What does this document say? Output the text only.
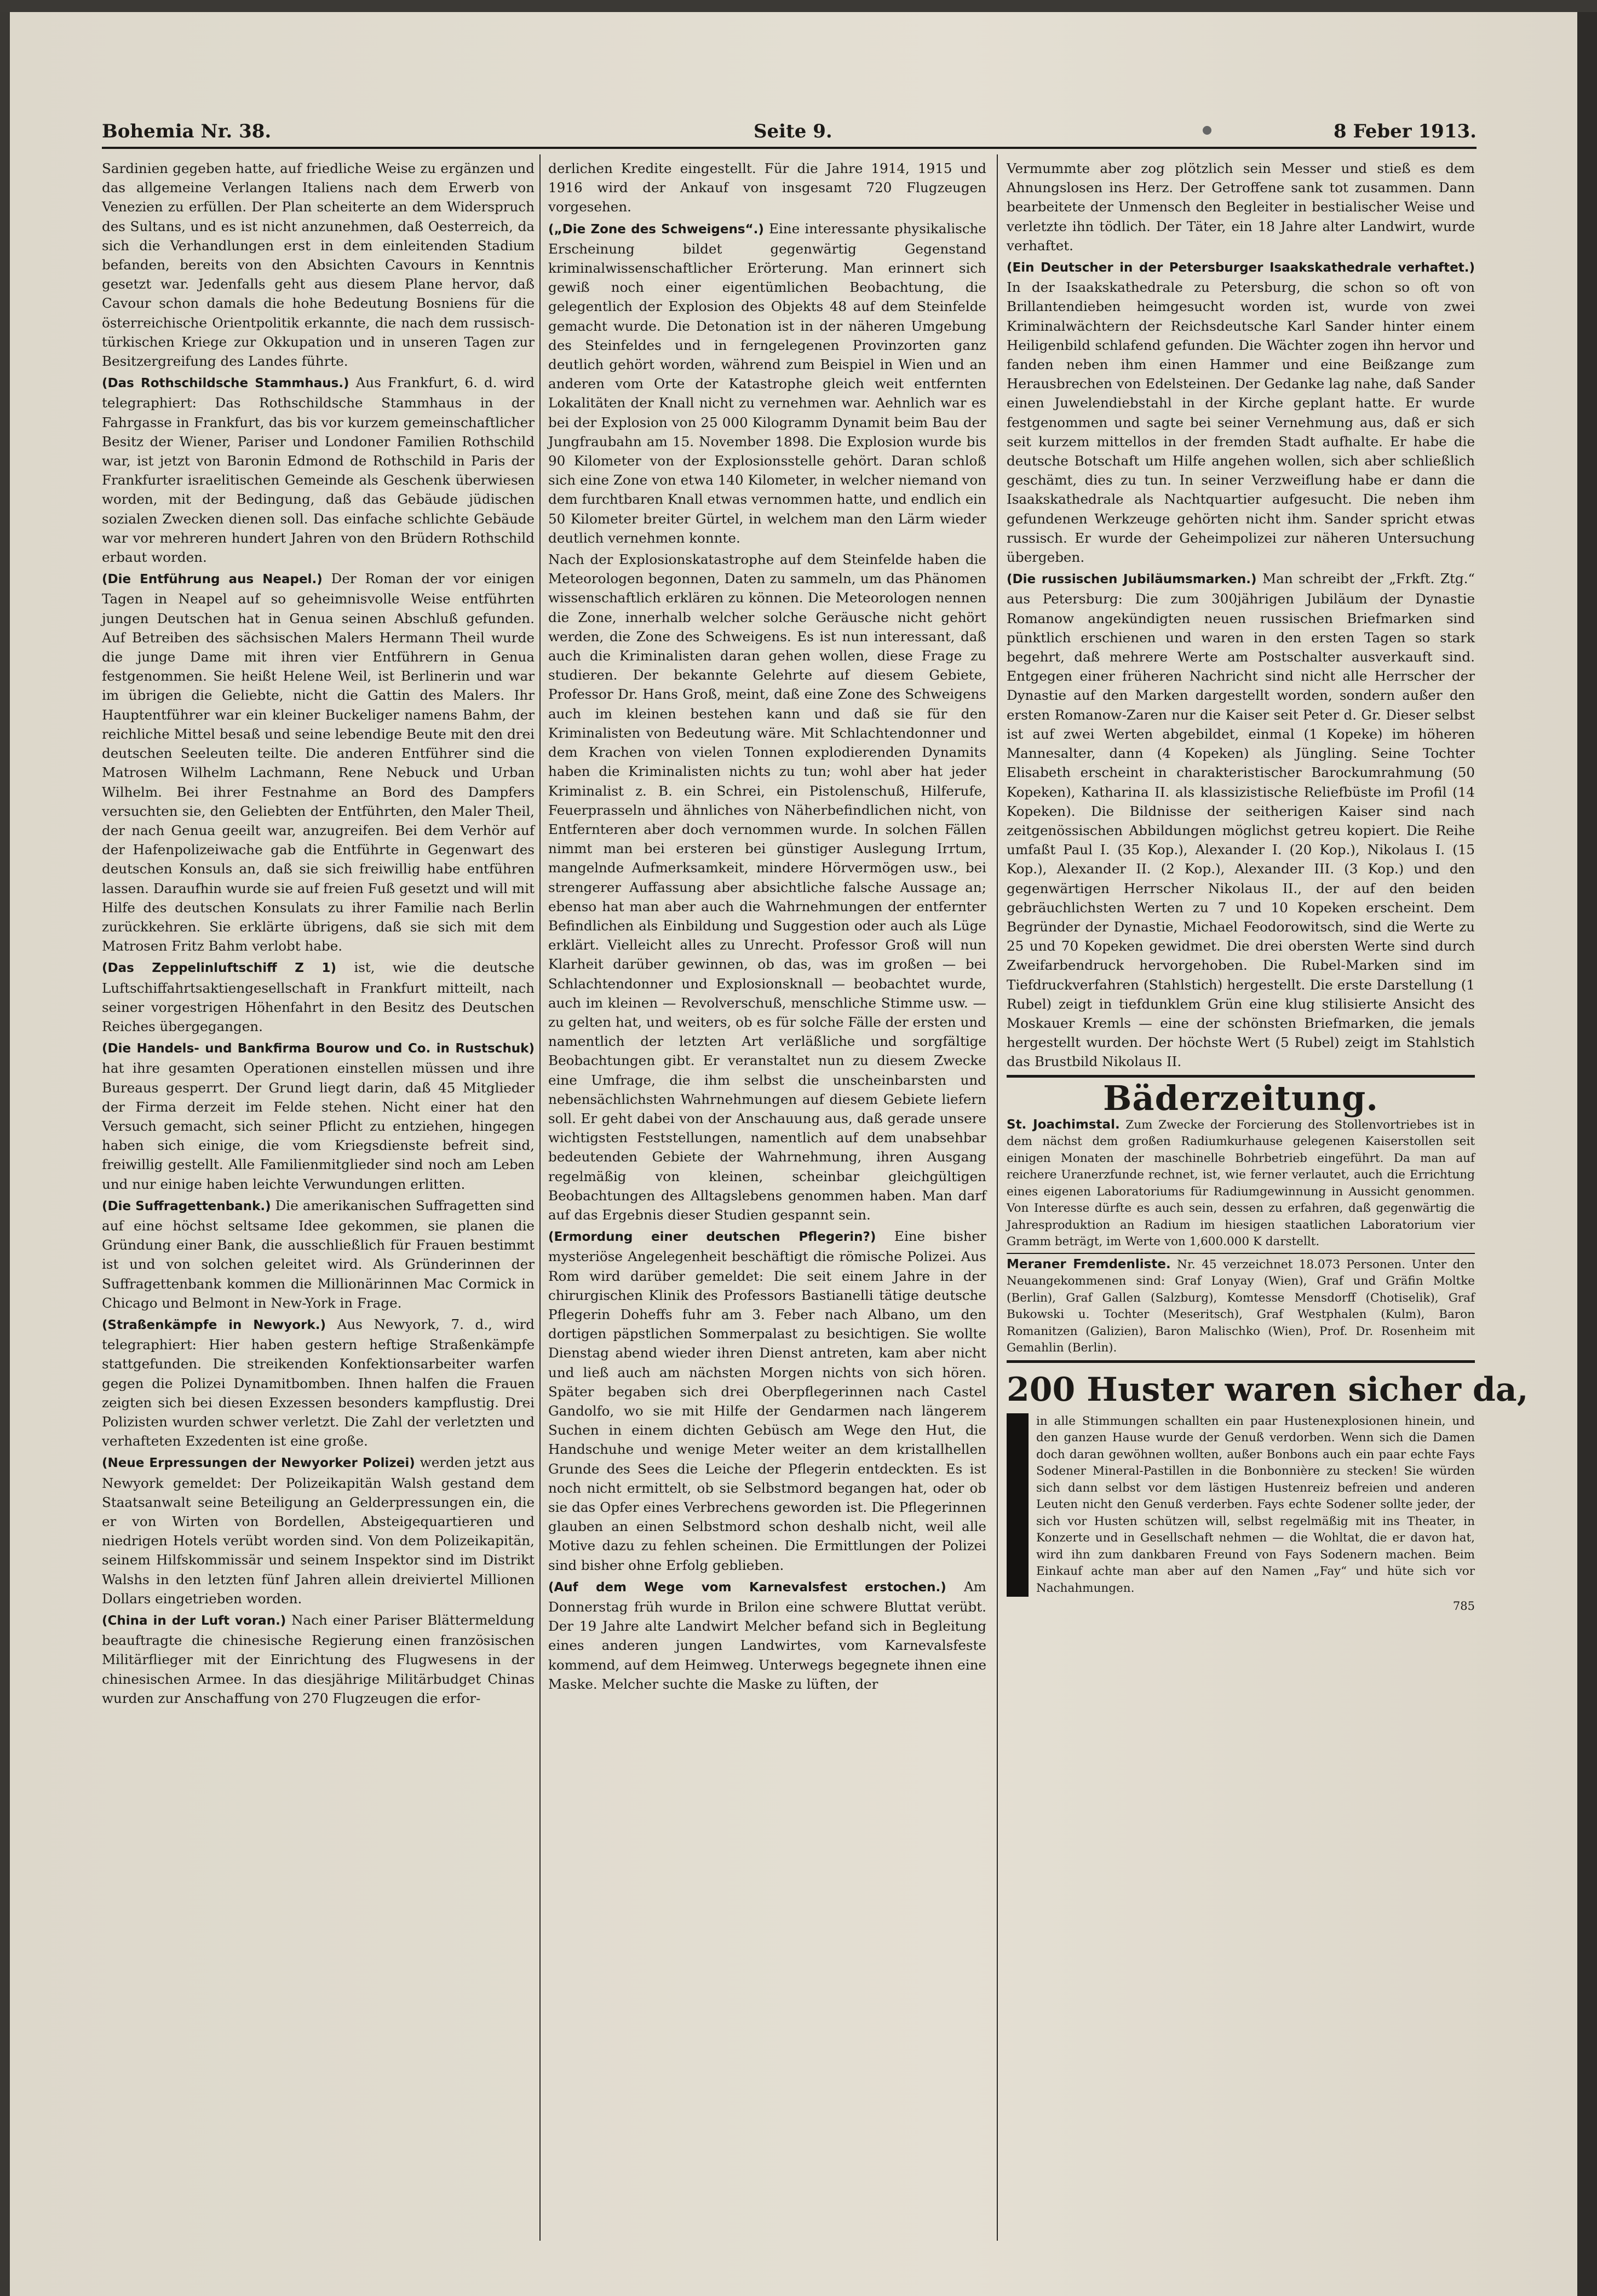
Bohemia Nr. 38.	Seite 9.	8 Feber 1913.

Sardinien gegeben hatte, auf friedliche Weise zu ergänzen und das allgemeine Verlangen Italiens nach dem Erwerb von Venezien zu erfüllen. Der Plan scheiterte an dem Widerspruch des Sultans, und es ist nicht anzunehmen, daß Oesterreich, da sich die Verhandlungen erst in dem einleitenden Stadium befanden, bereits von den Absichten Cavours in Kenntnis gesetzt war. Jedenfalls geht aus diesem Plane hervor, daß Cavour schon damals die hohe Bedeutung Bosniens für die österreichische Orientpolitik erkannte, die nach dem russisch-türkischen Kriege zur Okkupation und in unseren Tagen zur Besitzergreifung des Landes führte.

(Das Rothschildsche Stammhaus.) Aus Frankfurt, 6. d. wird telegraphiert: Das Rothschildsche Stammhaus in der Fahrgasse in Frankfurt, das bis vor kurzem gemeinschaftlicher Besitz der Wiener, Pariser und Londoner Familien Rothschild war, ist jetzt von Baronin Edmond de Rothschild in Paris der Frankfurter israelitischen Gemeinde als Geschenk überwiesen worden, mit der Bedingung, daß das Gebäude jüdischen sozialen Zwecken dienen soll. Das einfache schlichte Gebäude war vor mehreren hundert Jahren von den Brüdern Rothschild erbaut worden.

(Die Entführung aus Neapel.) Der Roman der vor einigen Tagen in Neapel auf so geheimnisvolle Weise entführten jungen Deutschen hat in Genua seinen Abschluß gefunden. Auf Betreiben des sächsischen Malers Hermann Theil wurde die junge Dame mit ihren vier Entführern in Genua festgenommen. Sie heißt Helene Weil, ist Berlinerin und war im übrigen die Geliebte, nicht die Gattin des Malers. Ihr Hauptentführer war ein kleiner Buckeliger namens Bahm, der reichliche Mittel besaß und seine lebendige Beute mit den drei deutschen Seeleuten teilte. Die anderen Entführer sind die Matrosen Wilhelm Lachmann, Rene Nebuck und Urban Wilhelm. Bei ihrer Festnahme an Bord des Dampfers versuchten sie, den Geliebten der Entführten, den Maler Theil, der nach Genua geeilt war, anzugreifen. Bei dem Verhör auf der Hafenpolizeiwache gab die Entführte in Gegenwart des deutschen Konsuls an, daß sie sich freiwillig habe entführen lassen. Daraufhin wurde sie auf freien Fuß gesetzt und will mit Hilfe des deutschen Konsulats zu ihrer Familie nach Berlin zurückkehren. Sie erklärte übrigens, daß sie sich mit dem Matrosen Fritz Bahm verlobt habe.

(Das Zeppelinluftschiff Z 1) ist, wie die deutsche Luftschiffahrtsaktiengesellschaft in Frankfurt mitteilt, nach seiner vorgestrigen Höhenfahrt in den Besitz des Deutschen Reiches übergegangen.

(Die Handels- und Bankfirma Bourow und Co. in Rustschuk) hat ihre gesamten Operationen einstellen müssen und ihre Bureaus gesperrt. Der Grund liegt darin, daß 45 Mitglieder der Firma derzeit im Felde stehen. Nicht einer hat den Versuch gemacht, sich seiner Pflicht zu entziehen, hingegen haben sich einige, die vom Kriegsdienste befreit sind, freiwillig gestellt. Alle Familienmitglieder sind noch am Leben und nur einige haben leichte Verwundungen erlitten.

(Die Suffragettenbank.) Die amerikanischen Suffragetten sind auf eine höchst seltsame Idee gekommen, sie planen die Gründung einer Bank, die ausschließlich für Frauen bestimmt ist und von solchen geleitet wird. Als Gründerinnen der Suffragettenbank kommen die Millionärinnen Mac Cormick in Chicago und Belmont in New-York in Frage.

(Straßenkämpfe in Newyork.) Aus Newyork, 7. d., wird telegraphiert: Hier haben gestern heftige Straßenkämpfe stattgefunden. Die streikenden Konfektionsarbeiter warfen gegen die Polizei Dynamitbomben. Ihnen halfen die Frauen zeigten sich bei diesen Exzessen besonders kampflustig. Drei Polizisten wurden schwer verletzt. Die Zahl der verletzten und verhafteten Exzedenten ist eine große.

(Neue Erpressungen der Newyorker Polizei) werden jetzt aus Newyork gemeldet: Der Polizeikapitän Walsh gestand dem Staatsanwalt seine Beteiligung an Gelderpressungen ein, die er von Wirten von Bordellen, Absteigequartieren und niedrigen Hotels verübt worden sind. Von dem Polizeikapitän, seinem Hilfskommissär und seinem Inspektor sind im Distrikt Walshs in den letzten fünf Jahren allein dreiviertel Millionen Dollars eingetrieben worden.

(China in der Luft voran.) Nach einer Pariser Blättermeldung beauftragte die chinesische Regierung einen französischen Militärflieger mit der Einrichtung des Flugwesens in der chinesischen Armee. In das diesjährige Militärbudget Chinas wurden zur Anschaffung von 270 Flugzeugen die erfor-

derlichen Kredite eingestellt. Für die Jahre 1914, 1915 und 1916 wird der Ankauf von insgesamt 720 Flugzeugen vorgesehen.

(„Die Zone des Schweigens“.) Eine interessante physikalische Erscheinung bildet gegenwärtig Gegenstand kriminalwissenschaftlicher Erörterung. Man erinnert sich gewiß noch einer eigentümlichen Beobachtung, die gelegentlich der Explosion des Objekts 48 auf dem Steinfelde gemacht wurde. Die Detonation ist in der näheren Umgebung des Steinfeldes und in ferngelegenen Provinzorten ganz deutlich gehört worden, während zum Beispiel in Wien und an anderen vom Orte der Katastrophe gleich weit entfernten Lokalitäten der Knall nicht zu vernehmen war. Aehnlich war es bei der Explosion von 25 000 Kilogramm Dynamit beim Bau der Jungfraubahn am 15. November 1898. Die Explosion wurde bis 90 Kilometer von der Explosionsstelle gehört. Daran schloß sich eine Zone von etwa 140 Kilometer, in welcher niemand von dem furchtbaren Knall etwas vernommen hatte, und endlich ein 50 Kilometer breiter Gürtel, in welchem man den Lärm wieder deutlich vernehmen konnte.

Nach der Explosionskatastrophe auf dem Steinfelde haben die Meteorologen begonnen, Daten zu sammeln, um das Phänomen wissenschaftlich erklären zu können. Die Meteorologen nennen die Zone, innerhalb welcher solche Geräusche nicht gehört werden, die Zone des Schweigens. Es ist nun interessant, daß auch die Kriminalisten daran gehen wollen, diese Frage zu studieren. Der bekannte Gelehrte auf diesem Gebiete, Professor Dr. Hans Groß, meint, daß eine Zone des Schweigens auch im kleinen bestehen kann und daß sie für den Kriminalisten von Bedeutung wäre. Mit Schlachtendonner und dem Krachen von vielen Tonnen explodierenden Dynamits haben die Kriminalisten nichts zu tun; wohl aber hat jeder Kriminalist z. B. ein Schrei, ein Pistolenschuß, Hilferufe, Feuerprasseln und ähnliches von Näherbefindlichen nicht, von Entfernteren aber doch vernommen wurde. In solchen Fällen nimmt man bei ersteren bei günstiger Auslegung Irrtum, mangelnde Aufmerksamkeit, mindere Hörvermögen usw., bei strengerer Auffassung aber absichtliche falsche Aussage an; ebenso hat man aber auch die Wahrnehmungen der entfernter Befindlichen als Einbildung und Suggestion oder auch als Lüge erklärt. Vielleicht alles zu Unrecht. Professor Groß will nun Klarheit darüber gewinnen, ob das, was im großen — bei Schlachtendonner und Explosionsknall — beobachtet wurde, auch im kleinen — Revolverschuß, menschliche Stimme usw. — zu gelten hat, und weiters, ob es für solche Fälle der ersten und namentlich der letzten Art verläßliche und sorgfältige Beobachtungen gibt. Er veranstaltet nun zu diesem Zwecke eine Umfrage, die ihm selbst die unscheinbarsten und nebensächlichsten Wahrnehmungen auf diesem Gebiete liefern soll. Er geht dabei von der Anschauung aus, daß gerade unsere wichtigsten Feststellungen, namentlich auf dem unabsehbar bedeutenden Gebiete der Wahrnehmung, ihren Ausgang regelmäßig von kleinen, scheinbar gleichgültigen Beobachtungen des Alltagslebens genommen haben. Man darf auf das Ergebnis dieser Studien gespannt sein.

(Ermordung einer deutschen Pflegerin?) Eine bisher mysteriöse Angelegenheit beschäftigt die römische Polizei. Aus Rom wird darüber gemeldet: Die seit einem Jahre in der chirurgischen Klinik des Professors Bastianelli tätige deutsche Pflegerin Doheffs fuhr am 3. Feber nach Albano, um den dortigen päpstlichen Sommerpalast zu besichtigen. Sie wollte Dienstag abend wieder ihren Dienst antreten, kam aber nicht und ließ auch am nächsten Morgen nichts von sich hören. Später begaben sich drei Oberpflegerinnen nach Castel Gandolfo, wo sie mit Hilfe der Gendarmen nach längerem Suchen in einem dichten Gebüsch am Wege den Hut, die Handschuhe und wenige Meter weiter an dem kristallhellen Grunde des Sees die Leiche der Pflegerin entdeckten. Es ist noch nicht ermittelt, ob sie Selbstmord begangen hat, oder ob sie das Opfer eines Verbrechens geworden ist. Die Pflegerinnen glauben an einen Selbstmord schon deshalb nicht, weil alle Motive dazu zu fehlen scheinen. Die Ermittlungen der Polizei sind bisher ohne Erfolg geblieben.

(Auf dem Wege vom Karnevalsfest erstochen.) Am Donnerstag früh wurde in Brilon eine schwere Bluttat verübt. Der 19 Jahre alte Landwirt Melcher befand sich in Begleitung eines anderen jungen Landwirtes, vom Karnevalsfeste kommend, auf dem Heimweg. Unterwegs begegnete ihnen eine Maske. Melcher suchte die Maske zu lüften, der

Vermummte aber zog plötzlich sein Messer und stieß es dem Ahnungslosen ins Herz. Der Getroffene sank tot zusammen. Dann bearbeitete der Unmensch den Begleiter in bestialischer Weise und verletzte ihn tödlich. Der Täter, ein 18 Jahre alter Landwirt, wurde verhaftet.

(Ein Deutscher in der Petersburger Isaakskathedrale verhaftet.) In der Isaakskathedrale zu Petersburg, die schon so oft von Brillantendieben heimgesucht worden ist, wurde von zwei Kriminalwächtern der Reichsdeutsche Karl Sander hinter einem Heiligenbild schlafend gefunden. Die Wächter zogen ihn hervor und fanden neben ihm einen Hammer und eine Beißzange zum Herausbrechen von Edelsteinen. Der Gedanke lag nahe, daß Sander einen Juwelendiebstahl in der Kirche geplant hatte. Er wurde festgenommen und sagte bei seiner Vernehmung aus, daß er sich seit kurzem mittellos in der fremden Stadt aufhalte. Er habe die deutsche Botschaft um Hilfe angehen wollen, sich aber schließlich geschämt, dies zu tun. In seiner Verzweiflung habe er dann die Isaakskathedrale als Nachtquartier aufgesucht. Die neben ihm gefundenen Werkzeuge gehörten nicht ihm. Sander spricht etwas russisch. Er wurde der Geheimpolizei zur näheren Untersuchung übergeben.

(Die russischen Jubiläumsmarken.) Man schreibt der „Frkft. Ztg.“ aus Petersburg: Die zum 300jährigen Jubiläum der Dynastie Romanow angekündigten neuen russischen Briefmarken sind pünktlich erschienen und waren in den ersten Tagen so stark begehrt, daß mehrere Werte am Postschalter ausverkauft sind. Entgegen einer früheren Nachricht sind nicht alle Herrscher der Dynastie auf den Marken dargestellt worden, sondern außer den ersten Romanow-Zaren nur die Kaiser seit Peter d. Gr. Dieser selbst ist auf zwei Werten abgebildet, einmal (1 Kopeke) im höheren Mannesalter, dann (4 Kopeken) als Jüngling. Seine Tochter Elisabeth erscheint in charakteristischer Barockumrahmung (50 Kopeken), Katharina II. als klassizistische Reliefbüste im Profil (14 Kopeken). Die Bildnisse der seitherigen Kaiser sind nach zeitgenössischen Abbildungen möglichst getreu kopiert. Die Reihe umfaßt Paul I. (35 Kop.), Alexander I. (20 Kop.), Nikolaus I. (15 Kop.), Alexander II. (2 Kop.), Alexander III. (3 Kop.) und den gegenwärtigen Herrscher Nikolaus II., der auf den beiden gebräuchlichsten Werten zu 7 und 10 Kopeken erscheint. Dem Begründer der Dynastie, Michael Feodorowitsch, sind die Werte zu 25 und 70 Kopeken gewidmet. Die drei obersten Werte sind durch Zweifarbendruck hervorgehoben. Die Rubel-Marken sind im Tiefdruckverfahren (Stahlstich) hergestellt. Die erste Darstellung (1 Rubel) zeigt in tiefdunklem Grün eine klug stilisierte Ansicht des Moskauer Kremls — eine der schönsten Briefmarken, die jemals hergestellt wurden. Der höchste Wert (5 Rubel) zeigt im Stahlstich das Brustbild Nikolaus II.

Bäderzeitung.

St. Joachimstal. Zum Zwecke der Forcierung des Stollenvortriebes ist in dem nächst dem großen Radiumkurhause gelegenen Kaiserstollen seit einigen Monaten der maschinelle Bohrbetrieb eingeführt. Da man auf reichere Uranerzfunde rechnet, ist, wie ferner verlautet, auch die Errichtung eines eigenen Laboratoriums für Radiumgewinnung in Aussicht genommen. Von Interesse dürfte es auch sein, dessen zu erfahren, daß gegenwärtig die Jahresproduktion an Radium im hiesigen staatlichen Laboratorium vier Gramm beträgt, im Werte von 1,600.000 K darstellt.

Meraner Fremdenliste. Nr. 45 verzeichnet 18.073 Personen. Unter den Neuangekommenen sind: Graf Lonyay (Wien), Graf und Gräfin Moltke (Berlin), Graf Gallen (Salzburg), Komtesse Mensdorff (Chotiselik), Graf Bukowski u. Tochter (Meseritsch), Graf Westphalen (Kulm), Baron Romanitzen (Galizien), Baron Malischko (Wien), Prof. Dr. Rosenheim mit Gemahlin (Berlin).

200 Huster waren sicher da,
in alle Stimmungen schallten ein paar Hustenexplosionen hinein, und den ganzen Hause wurde der Genuß verdorben. Wenn sich die Damen doch daran gewöhnen wollten, außer Bonbons auch ein paar echte Fays Sodener Mineral-Pastillen in die Bonbonnière zu stecken! Sie würden sich dann selbst vor dem lästigen Hustenreiz befreien und anderen Leuten nicht den Genuß verderben. Fays echte Sodener sollte jeder, der sich vor Husten schützen will, selbst regelmäßig mit ins Theater, in Konzerte und in Gesellschaft nehmen — die Wohltat, die er davon hat, wird ihn zum dankbaren Freund von Fays Sodenern machen. Beim Einkauf achte man aber auf den Namen „Fay“ und hüte sich vor Nachahmungen.
785
